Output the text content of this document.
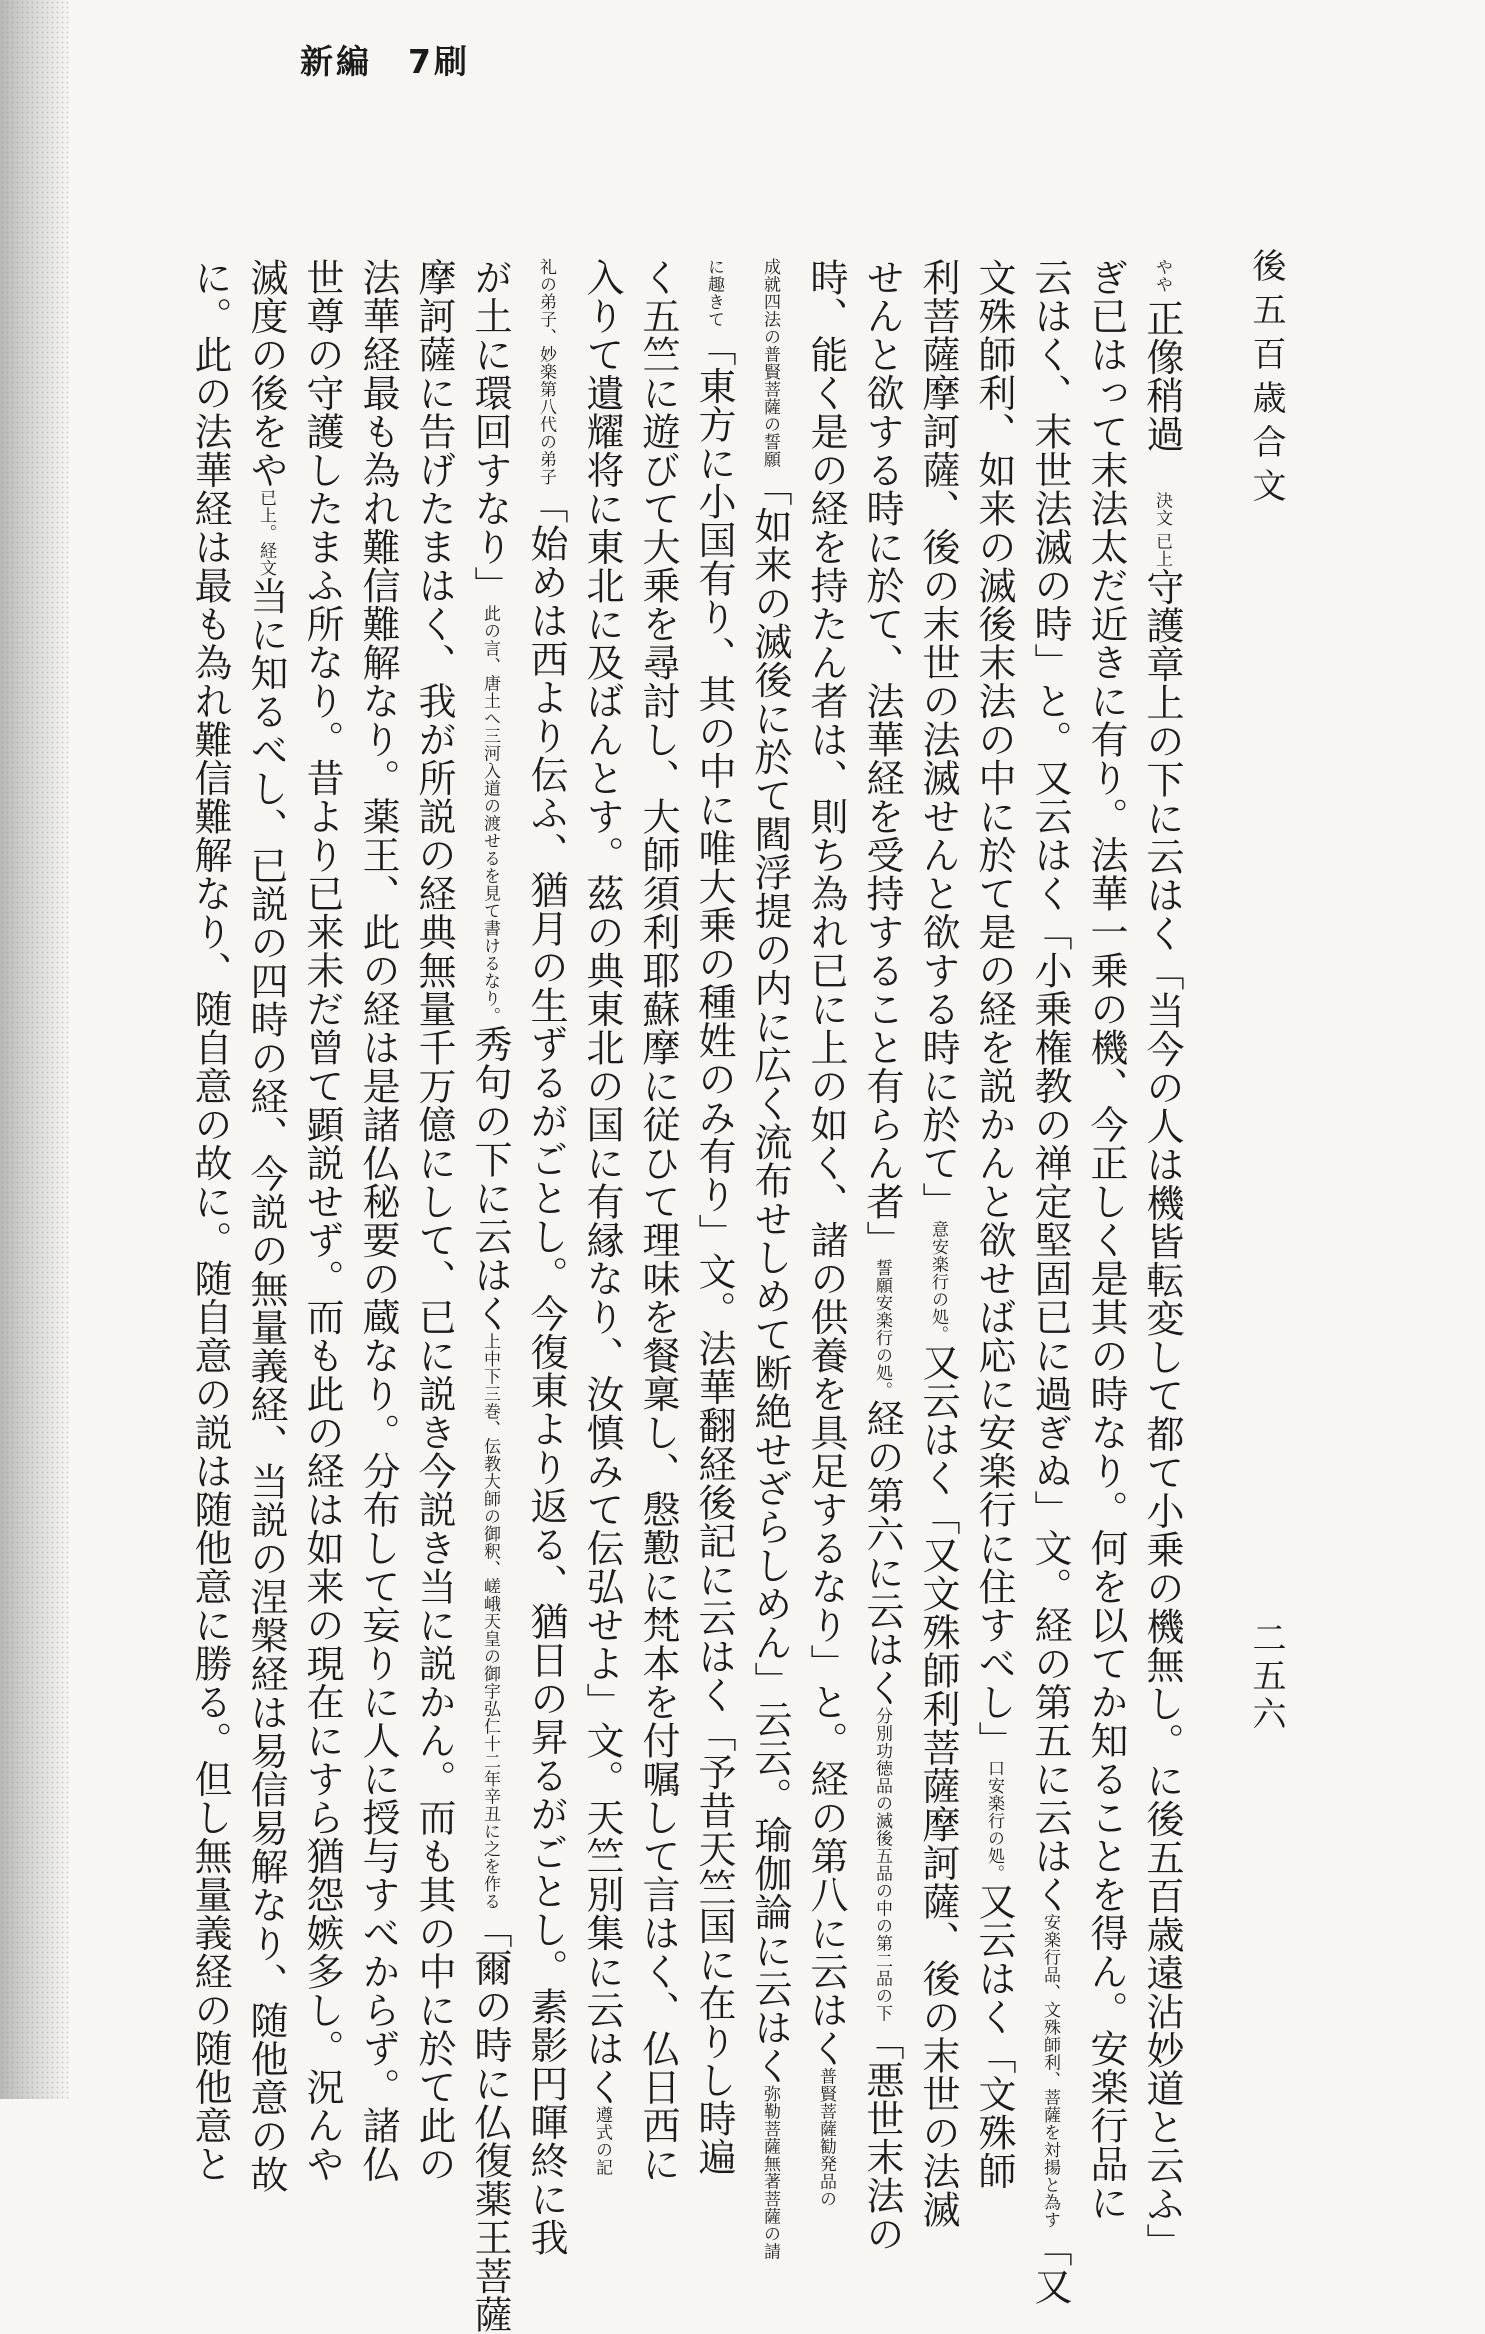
新編　7刷
後五百歳合文
二五六
やや 正像稍過　決文 已上守護章上の下に云はく「当今の人は機皆転変して都て小乗の機無し。に後五百歳遠沾妙道と云ふ」
ぎ已はって末法太だ近きに有り。法華一乗の機、今正しく是其の時なり。何を以てか知ることを得ん。安楽行品に
云はく、末世法滅の時」と。又云はく「小乗権教の禅定堅固已に過ぎぬ」文。経の第五に云はく安楽行品、文殊師利、菩薩を対揚と為す「又
文殊師利、如来の滅後末法の中に於て是の経を説かんと欲せば応に安楽行に住すべし」口安楽行の処。又云はく「文殊師
利菩薩摩訶薩、後の末世の法滅せんと欲する時に於て」意安楽行の処。又云はく「又文殊師利菩薩摩訶薩、後の末世の法滅
せんと欲する時に於て、法華経を受持すること有らん者」誓願安楽行の処。経の第六に云はく分別功徳品の滅後五品の中の第二品の下「悪世末法の
時、能く是の経を持たん者は、則ち為れ已に上の如く、諸の供養を具足するなり」と。経の第八に云はく普賢菩薩勧発品の
成就四法の普賢菩薩の誓願「如来の滅後に於て閻浮提の内に広く流布せしめて断絶せざらしめん」云云。瑜伽論に云はく弥勒菩薩無著菩薩の請
に趣きて「東方に小国有り、其の中に唯大乗の種姓のみ有り」文。法華翻経後記に云はく「予昔天竺国に在りし時遍
く五竺に遊びて大乗を尋討し、大師須利耶蘇摩に従ひて理味を餐稟し、慇懃に梵本を付嘱して言はく、仏日西に
入りて遺耀将に東北に及ばんとす。茲の典東北の国に有縁なり、汝慎みて伝弘せよ」文。天竺別集に云はく遵式の記
礼の弟子、妙楽第八代の弟子「始めは西より伝ふ、猶月の生ずるがごとし。今復東より返る、猶日の昇るがごとし。素影円暉終に我
が土に環回すなり」此の言、唐土へ三河入道の渡せるを見て書けるなり。秀句の下に云はく上中下三巻、伝教大師の御釈、嵯峨天皇の御宇弘仁十二年辛丑に之を作る「爾の時に仏復薬王菩薩
摩訶薩に告げたまはく、我が所説の経典無量千万億にして、已に説き今説き当に説かん。而も其の中に於て此の
法華経最も為れ難信難解なり。薬王、此の経は是諸仏秘要の蔵なり。分布して妄りに人に授与すべからず。諸仏
世尊の守護したまふ所なり。昔より已来未だ曾て顕説せず。而も此の経は如来の現在にすら猶怨嫉多し。況んや
滅度の後をや已上。経文当に知るべし、已説の四時の経、今説の無量義経、当説の涅槃経は易信易解なり、随他意の故
に。此の法華経は最も為れ難信難解なり、随自意の故に。随自意の説は随他意に勝る。但し無量義経の随他意と
